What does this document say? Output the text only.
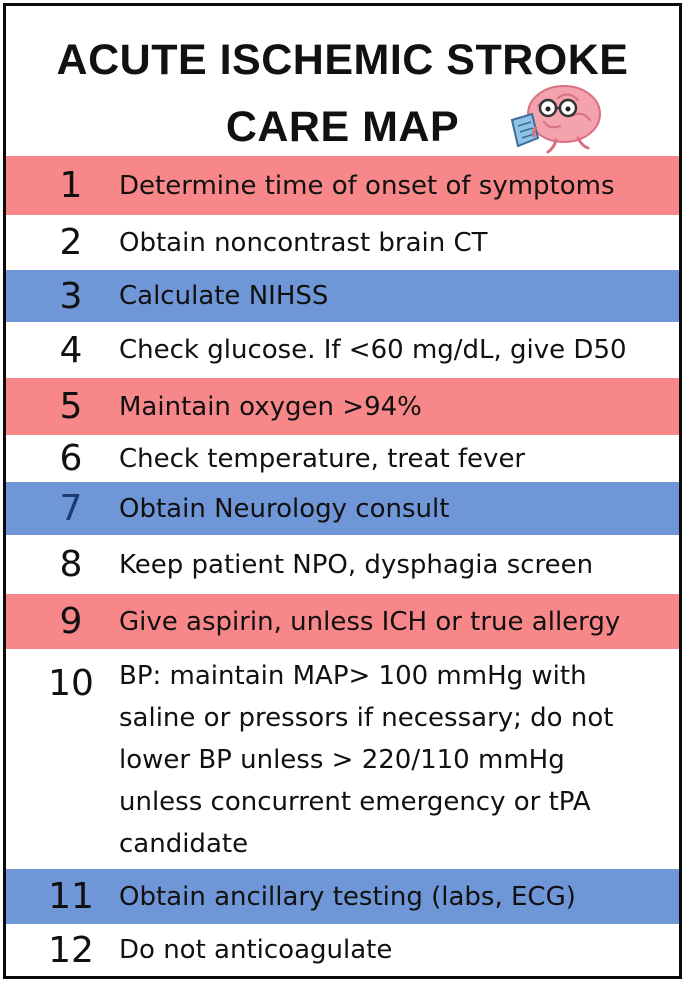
ACUTE ISCHEMIC STROKE
CARE MAP
1	Determine time of onset of symptoms
2	Obtain noncontrast brain CT
3	Calculate NIHSS
4	Check glucose. If <60 mg/dL, give D50
5	Maintain oxygen >94%
6	Check temperature, treat fever
7	Obtain Neurology consult
8	Keep patient NPO, dysphagia screen
9	Give aspirin, unless ICH or true allergy
10 BP: maintain MAP> 100 mmHg with saline or pressors if necessary; do not lower BP unless > 220/110 mmHg unless concurrent emergency or tPA candidate
11 Obtain ancillary testing (labs, ECG)
12 Do not anticoagulate
